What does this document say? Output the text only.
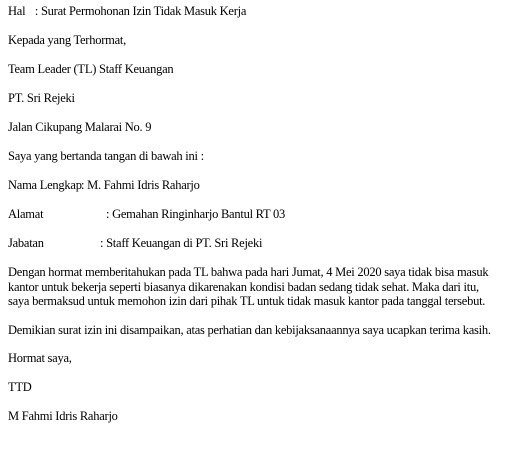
Hal : Surat Permohonan Izin Tidak Masuk Kerja
Kepada yang Terhormat,
Team Leader (TL) Staff Keuangan
PT. Sri Rejeki
Jalan Cikupang Malarai No. 9
Saya yang bertanda tangan di bawah ini :
Nama Lengkap : M. Fahmi Idris Raharjo
Alamat	: Gemahan Ringinharjo Bantul RT 03
Jabatan	: Staff Keuangan di PT. Sri Rejeki
Dengan hormat memberitahukan pada TL bahwa pada hari Jumat, 4 Mei 2020 saya tidak bisa masuk kantor untuk bekerja seperti biasanya dikarenakan kondisi badan sedang tidak sehat. Maka dari itu, saya bermaksud untuk memohon izin dari pihak TL untuk tidak masuk kantor pada tanggal tersebut.
Demikian surat izin ini disampaikan, atas perhatian dan kebijaksanaannya saya ucapkan terima kasih.
Hormat saya,
TTD
M Fahmi Idris Raharjo
